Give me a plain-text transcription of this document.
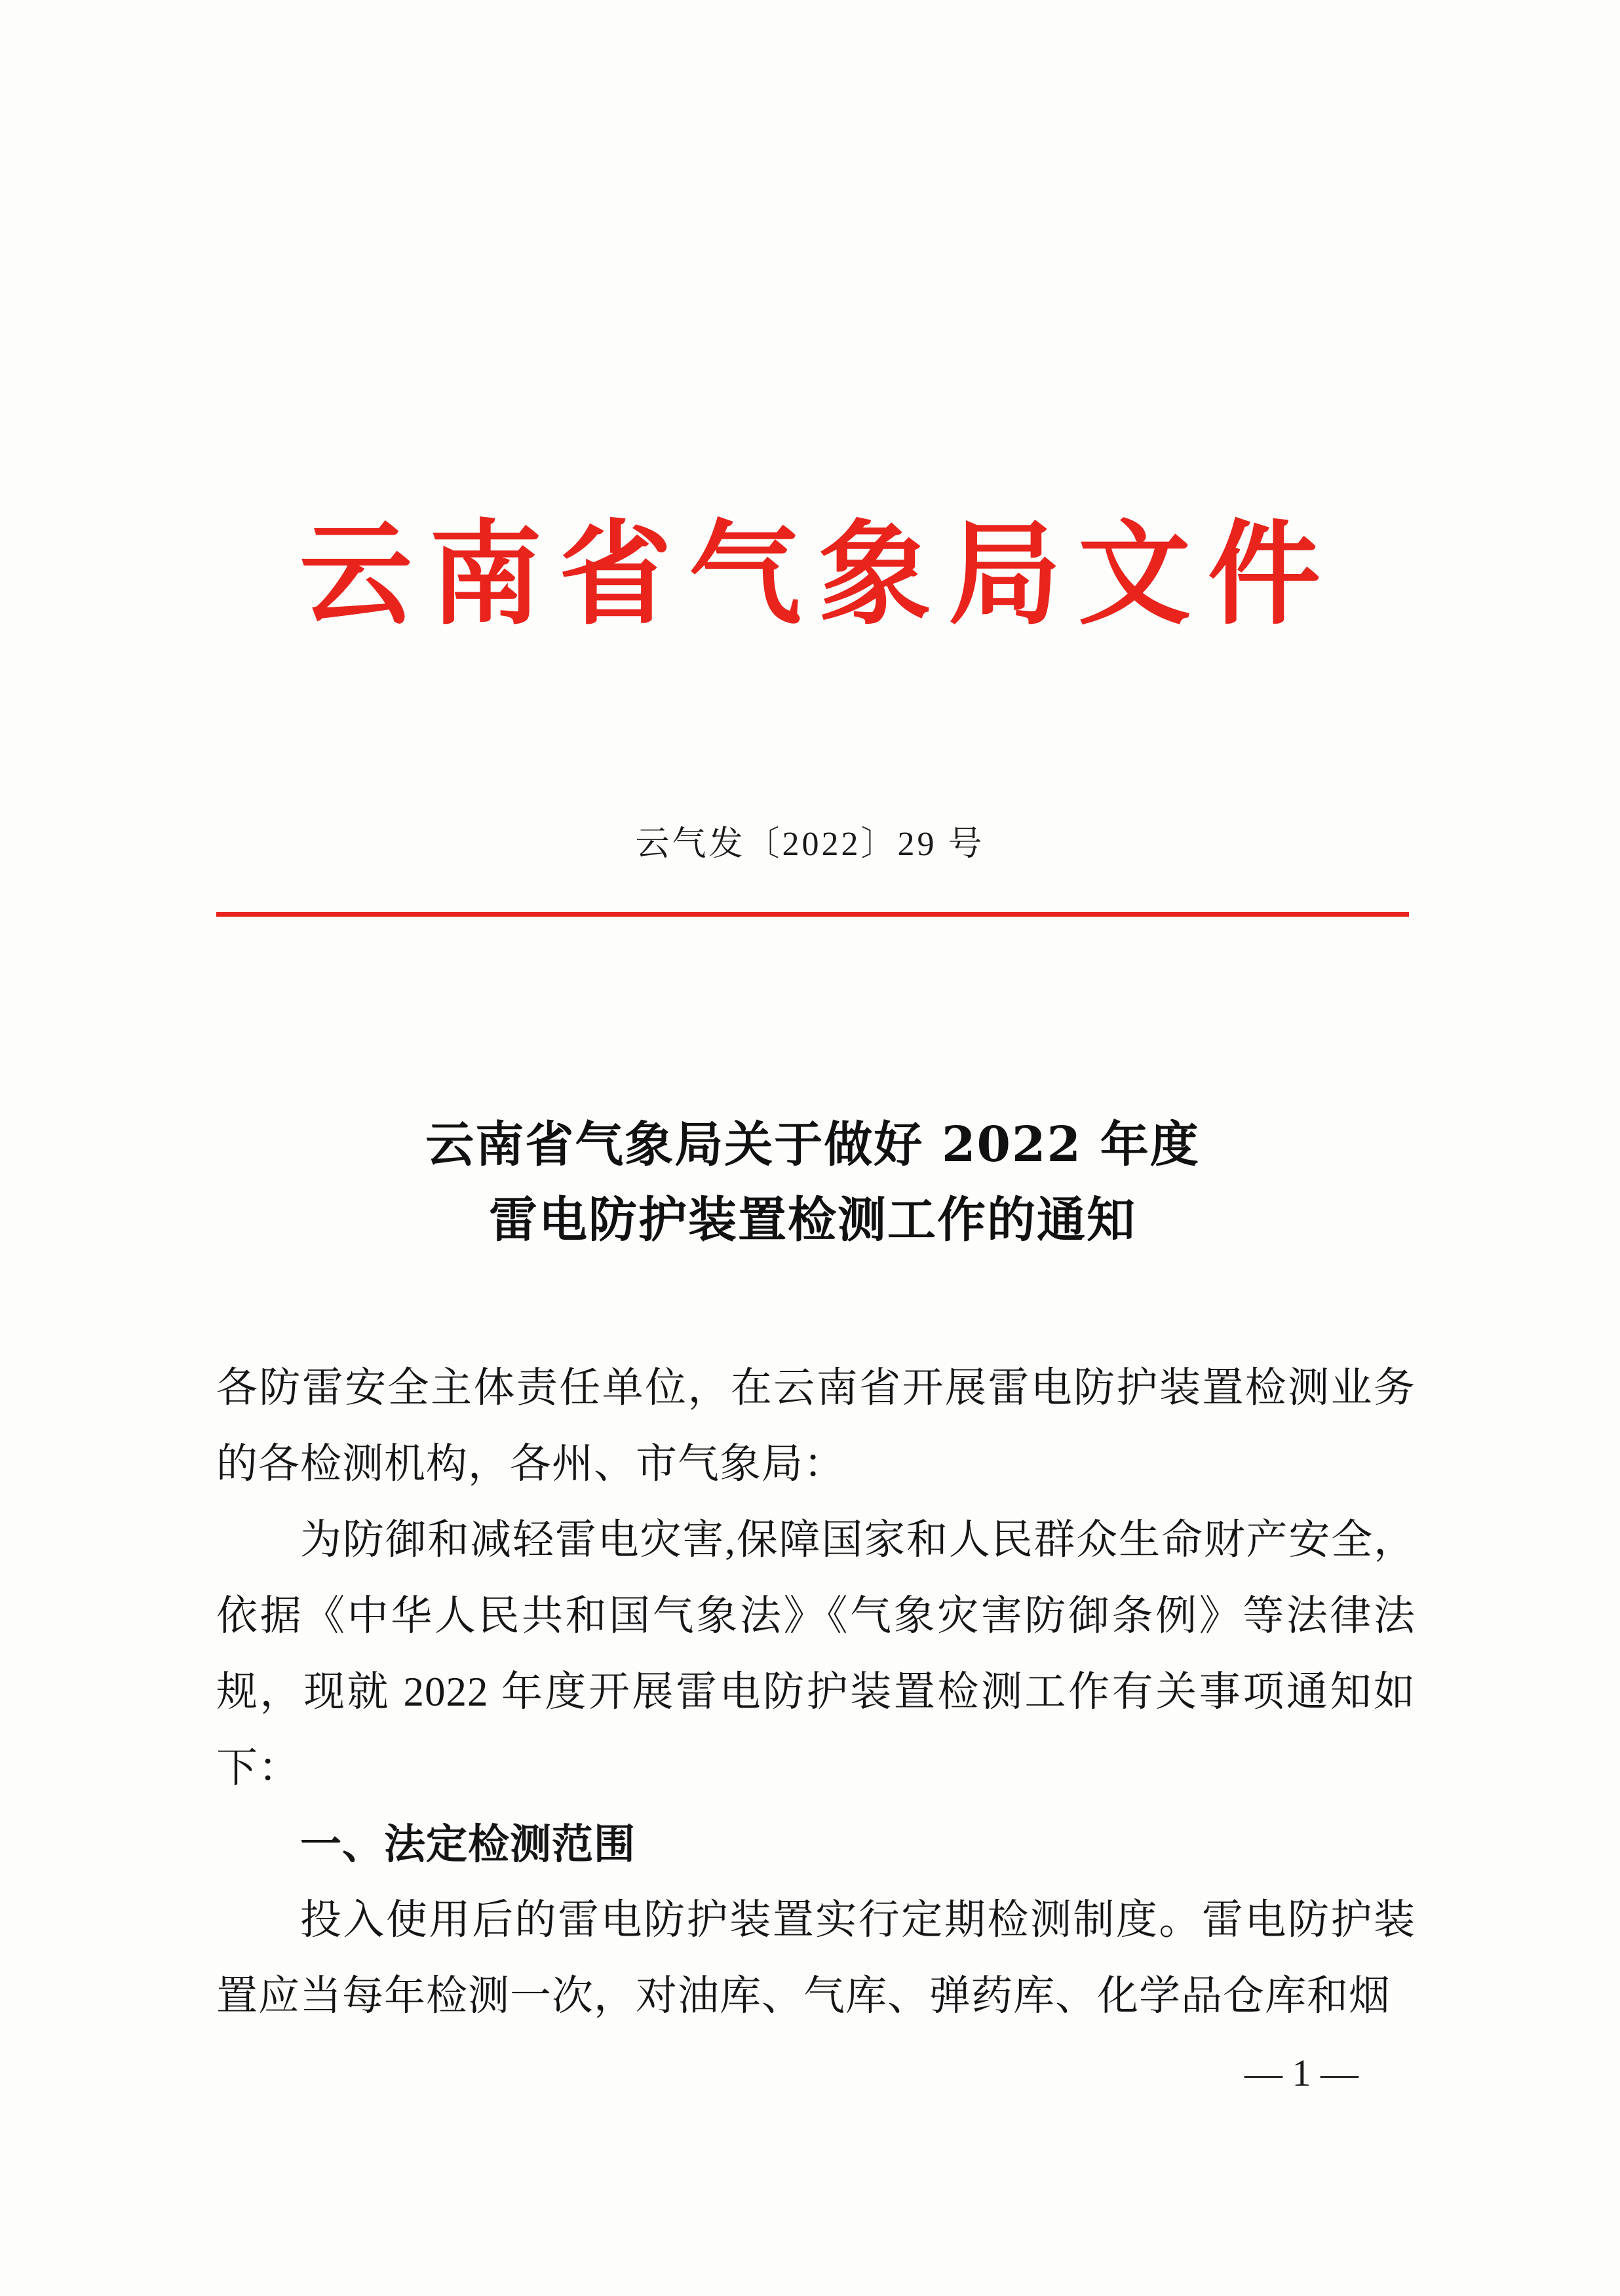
云南省气象局文件
云气发〔2022〕29 号
云南省气象局关于做好 2022 年度
雷电防护装置检测工作的通知

各防雷安全主体责任单位，在云南省开展雷电防护装置检测业务的各检测机构，各州、市气象局：

为防御和减轻雷电灾害,保障国家和人民群众生命财产安全，依据《中华人民共和国气象法》《气象灾害防御条例》等法律法规，现就 2022 年度开展雷电防护装置检测工作有关事项通知如下：

一、法定检测范围

投入使用后的雷电防护装置实行定期检测制度。雷电防护装置应当每年检测一次，对油库、气库、弹药库、化学品仓库和烟

— 1 —
